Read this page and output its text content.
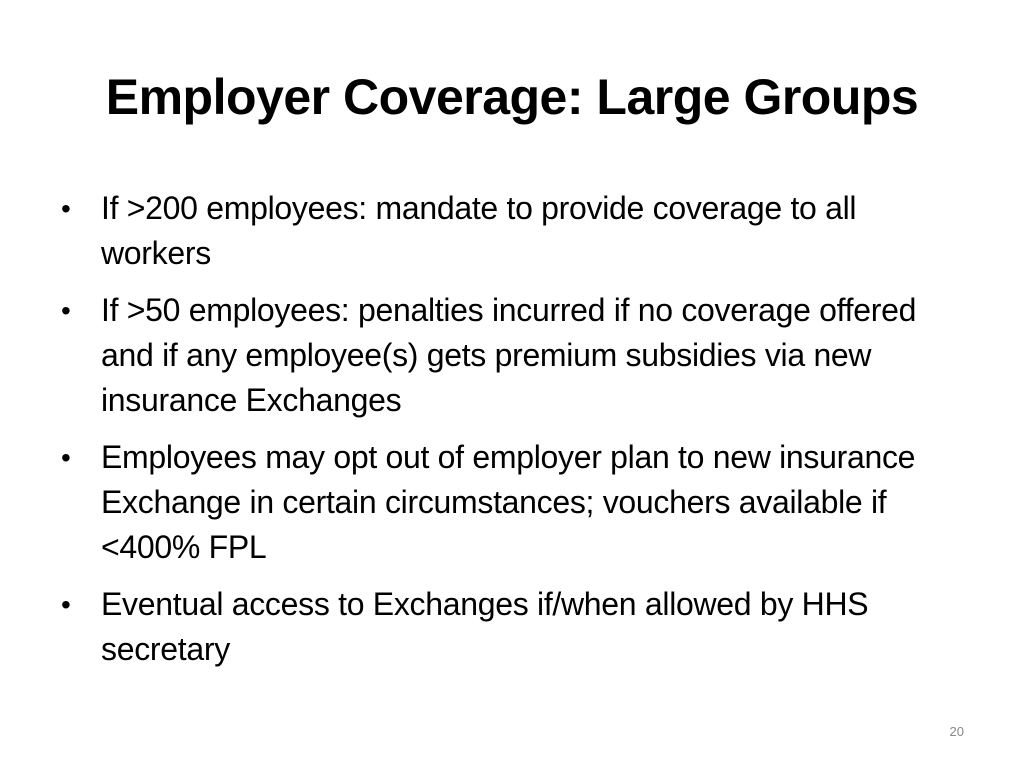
Employer Coverage: Large Groups
• If >200 employees: mandate to provide coverage to all workers
• If >50 employees: penalties incurred if no coverage offered and if any employee(s) gets premium subsidies via new insurance Exchanges
• Employees may opt out of employer plan to new insurance Exchange in certain circumstances; vouchers available if <400% FPL
• Eventual access to Exchanges if/when allowed by HHS secretary
20
